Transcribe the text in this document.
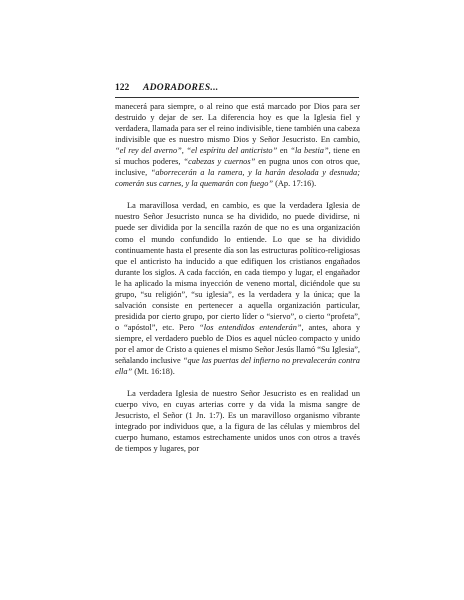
122 ADORADORES...

manecerá para siempre, o al reino que está marcado por Dios para ser destruido y dejar de ser. La diferencia hoy es que la Iglesia fiel y verdadera, llamada para ser el reino indivisible, tiene también una cabeza indivisible que es nuestro mismo Dios y Señor Jesucristo. En cambio, “el rey del averno”, “el espíritu del anticristo” en “la bestia”, tiene en sí muchos poderes, “cabezas y cuernos” en pugna unos con otros que, inclusive, “aborrecerán a la ramera, y la harán desolada y desnuda; comerán sus carnes, y la quemarán con fuego” (Ap. 17:16).

La maravillosa verdad, en cambio, es que la verdadera Iglesia de nuestro Señor Jesucristo nunca se ha dividido, no puede dividirse, ni puede ser dividida por la sencilla razón de que no es una organización como el mundo confundido lo entiende. Lo que se ha dividido continuamente hasta el presente día son las estructuras político-religiosas que el anticristo ha inducido a que edifiquen los cristianos engañados durante los siglos. A cada facción, en cada tiempo y lugar, el engañador le ha aplicado la misma inyección de veneno mortal, diciéndole que su grupo, “su religión”, “su iglesia”, es la verdadera y la única; que la salvación consiste en pertenecer a aquella organización particular, presidida por cierto grupo, por cierto líder o “siervo”, o cierto “profeta”, o “apóstol”, etc. Pero “los entendidos entenderán”, antes, ahora y siempre, el verdadero pueblo de Dios es aquel núcleo compacto y unido por el amor de Cristo a quienes el mismo Señor Jesús llamó “Su Iglesia”, señalando inclusive “que las puertas del infierno no prevalecerán contra ella” (Mt. 16:18).

La verdadera Iglesia de nuestro Señor Jesucristo es en realidad un cuerpo vivo, en cuyas arterias corre y da vida la misma sangre de Jesucristo, el Señor (1 Jn. 1:7). Es un maravilloso organismo vibrante integrado por individuos que, a la figura de las células y miembros del cuerpo humano, estamos estrechamente unidos unos con otros a través de tiempos y lugares, por
